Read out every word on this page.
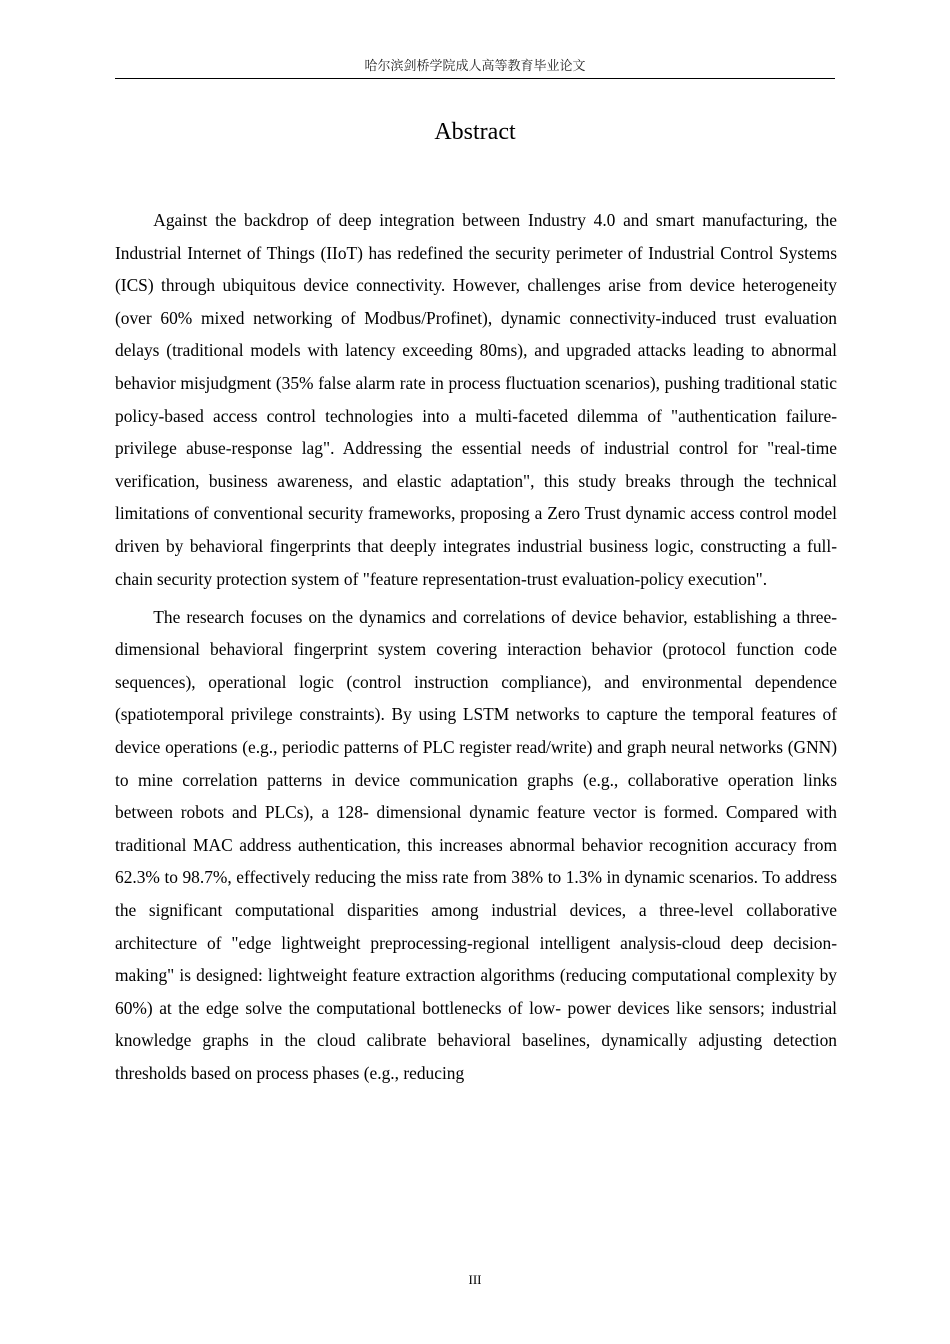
哈尔滨剑桥学院成人高等教育毕业论文
Abstract

Against the backdrop of deep integration between Industry 4.0 and smart manufacturing, the Industrial Internet of Things (IIoT) has redefined the security perimeter of Industrial Control Systems (ICS) through ubiquitous device connectivity. However, challenges arise from device heterogeneity (over 60% mixed networking of Modbus/Profinet), dynamic connectivity-induced trust evaluation delays (traditional models with latency exceeding 80ms), and upgraded attacks leading to abnormal behavior misjudgment (35% false alarm rate in process fluctuation scenarios), pushing traditional static policy-based access control technologies into a multi-faceted dilemma of "authentication failure-privilege abuse-response lag". Addressing the essential needs of industrial control for "real-time verification, business awareness, and elastic adaptation", this study breaks through the technical limitations of conventional security frameworks, proposing a Zero Trust dynamic access control model driven by behavioral fingerprints that deeply integrates industrial business logic, constructing a full-chain security protection system of "feature representation-trust evaluation-policy execution".

The research focuses on the dynamics and correlations of device behavior, establishing a three-dimensional behavioral fingerprint system covering interaction behavior (protocol function code sequences), operational logic (control instruction compliance), and environmental dependence (spatiotemporal privilege constraints). By using LSTM networks to capture the temporal features of device operations (e.g., periodic patterns of PLC register read/write) and graph neural networks (GNN) to mine correlation patterns in device communication graphs (e.g., collaborative operation links between robots and PLCs), a 128- dimensional dynamic feature vector is formed. Compared with traditional MAC address authentication, this increases abnormal behavior recognition accuracy from 62.3% to 98.7%, effectively reducing the miss rate from 38% to 1.3% in dynamic scenarios. To address the significant computational disparities among industrial devices, a three-level collaborative architecture of "edge lightweight preprocessing-regional intelligent analysis-cloud deep decision-making" is designed: lightweight feature extraction algorithms (reducing computational complexity by 60%) at the edge solve the computational bottlenecks of low- power devices like sensors; industrial knowledge graphs in the cloud calibrate behavioral baselines, dynamically adjusting detection thresholds based on process phases (e.g., reducing

III
